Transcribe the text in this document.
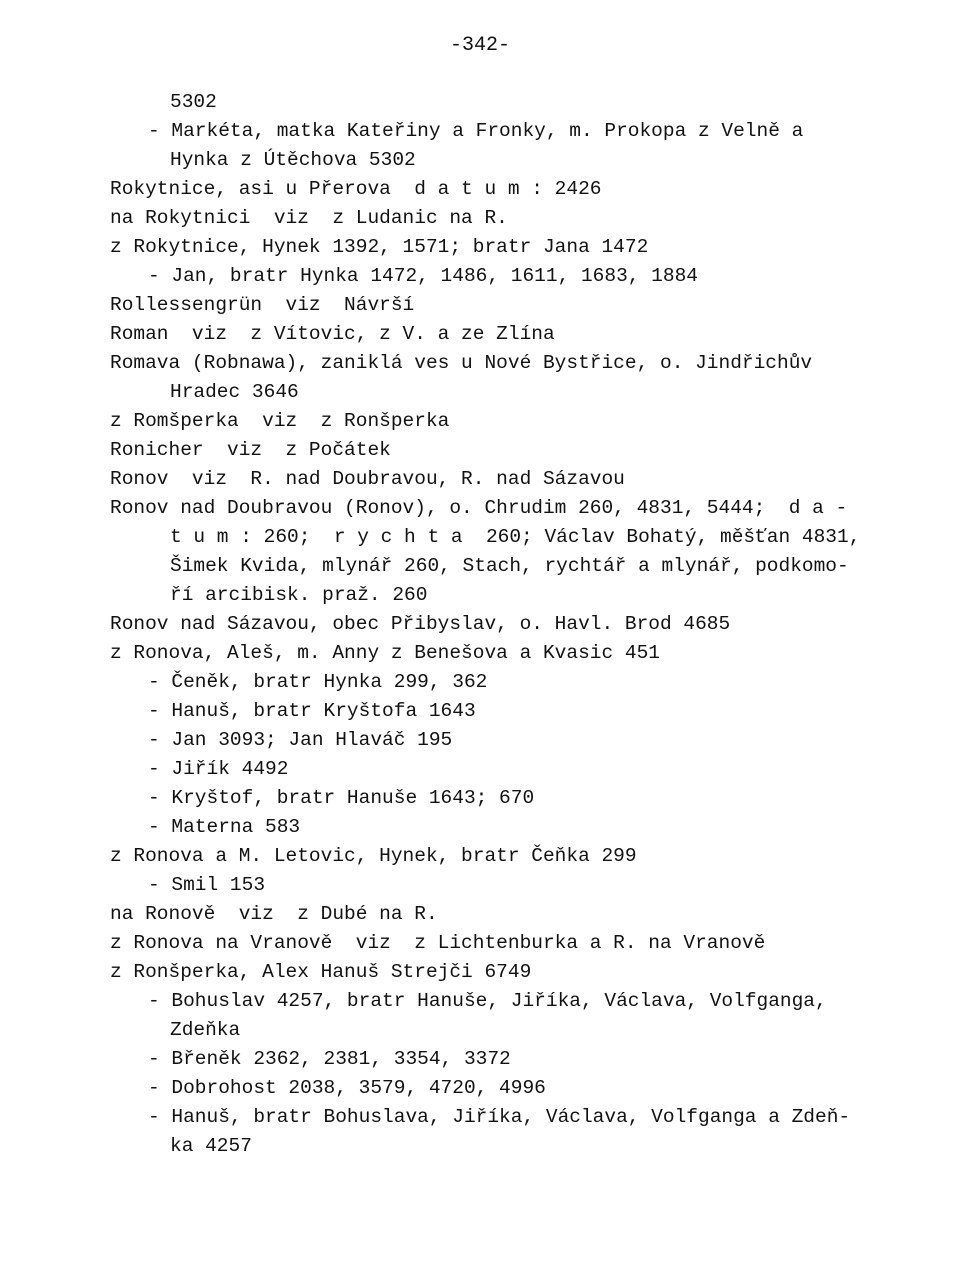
-342-
5302
- Markéta, matka Kateřiny a Fronky, m. Prokopa z Velně a
Hynka z Útěchova 5302
Rokytnice, asi u Přerova  d a t u m : 2426
na Rokytnici  viz  z Ludanic na R.
z Rokytnice, Hynek 1392, 1571; bratr Jana 1472
- Jan, bratr Hynka 1472, 1486, 1611, 1683, 1884
Rollessengrün  viz  Návrší
Roman  viz  z Vítovic, z V. a ze Zlína
Romava (Robnawa), zaniklá ves u Nové Bystřice, o. Jindřichův
Hradec 3646
z Romšperka  viz  z Ronšperka
Ronicher  viz  z Počátek
Ronov  viz  R. nad Doubravou, R. nad Sázavou
Ronov nad Doubravou (Ronov), o. Chrudim 260, 4831, 5444;  d a -
t u m : 260;  r y c h t a  260; Václav Bohatý, měšťan 4831,
Šimek Kvida, mlynář 260, Stach, rychtář a mlynář, podkomo-
ří arcibisk. praž. 260
Ronov nad Sázavou, obec Přibyslav, o. Havl. Brod 4685
z Ronova, Aleš, m. Anny z Benešova a Kvasic 451
- Čeněk, bratr Hynka 299, 362
- Hanuš, bratr Kryštofa 1643
- Jan 3093; Jan Hlaváč 195
- Jiřík 4492
- Kryštof, bratr Hanuše 1643; 670
- Materna 583
z Ronova a M. Letovic, Hynek, bratr Čeňka 299
- Smil 153
na Ronově  viz  z Dubé na R.
z Ronova na Vranově  viz  z Lichtenburka a R. na Vranově
z Ronšperka, Alex Hanuš Strejči 6749
- Bohuslav 4257, bratr Hanuše, Jiříka, Václava, Volfganga,
Zdeňka
- Břeněk 2362, 2381, 3354, 3372
- Dobrohost 2038, 3579, 4720, 4996
- Hanuš, bratr Bohuslava, Jiříka, Václava, Volfganga a Zdeň-
ka 4257
